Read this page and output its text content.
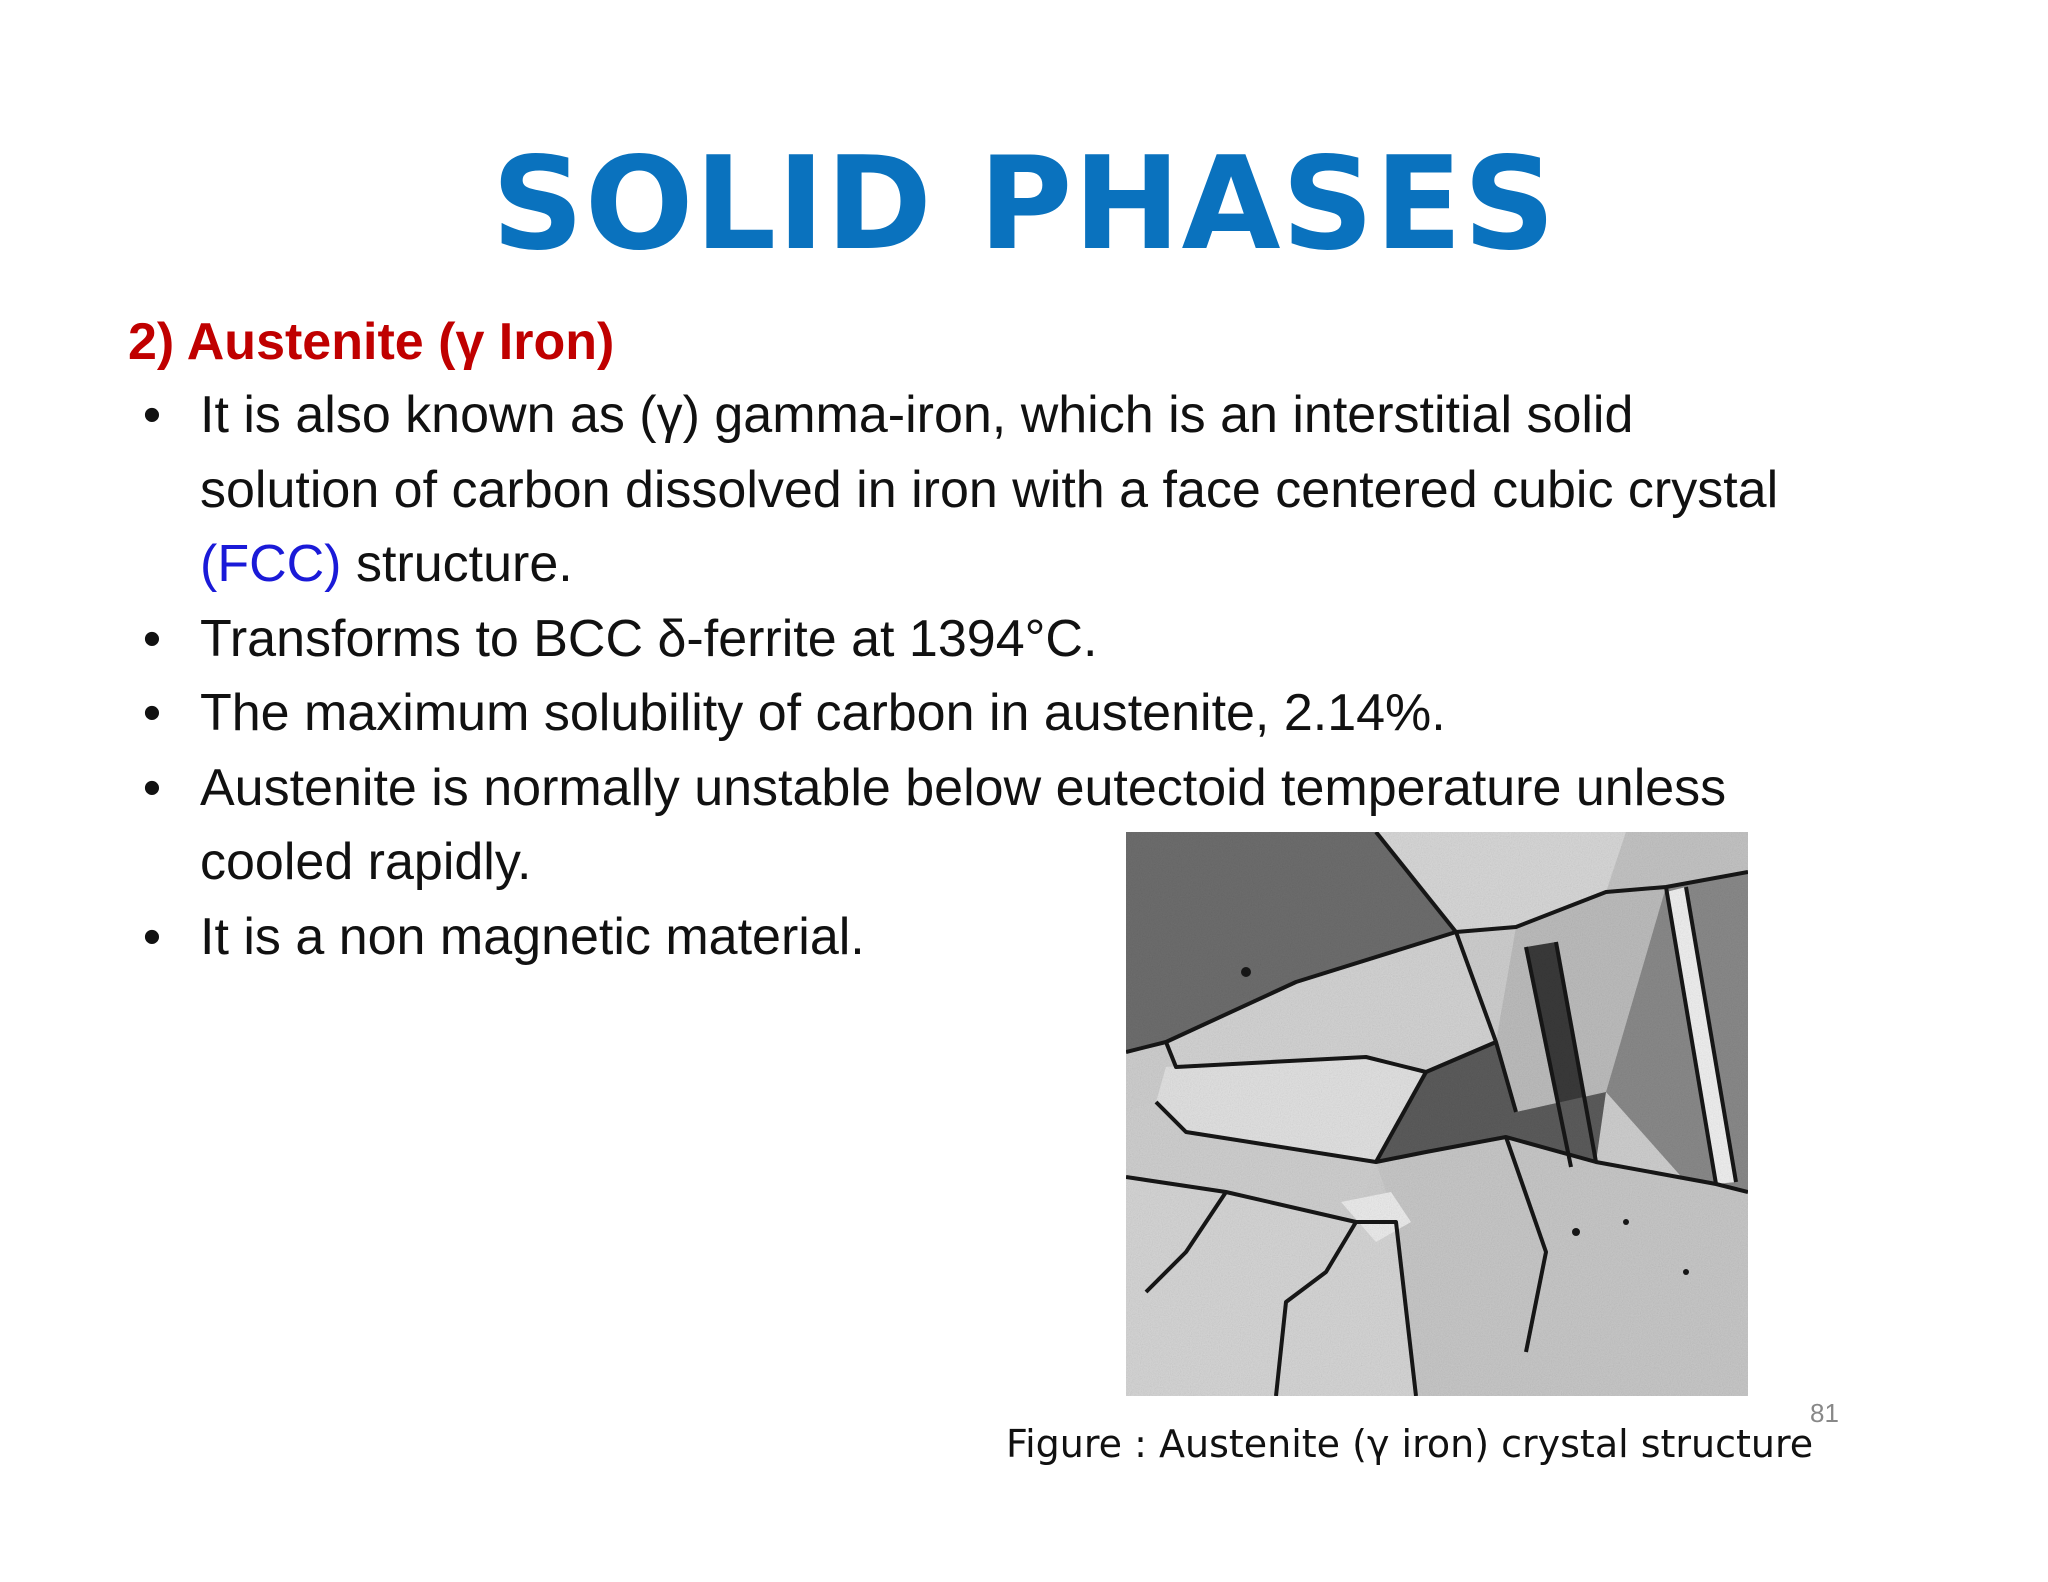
SOLID PHASES
2) Austenite (γ Iron)
• It is also known as (γ) gamma-iron, which is an interstitial solid solution of carbon dissolved in iron with a face centered cubic crystal (FCC) structure.
• Transforms to BCC δ-ferrite at 1394°C.
• The maximum solubility of carbon in austenite, 2.14%.
• Austenite is normally unstable below eutectoid temperature unless cooled rapidly.
• It is a non magnetic material.

Figure : Austenite (γ iron) crystal structure

81
